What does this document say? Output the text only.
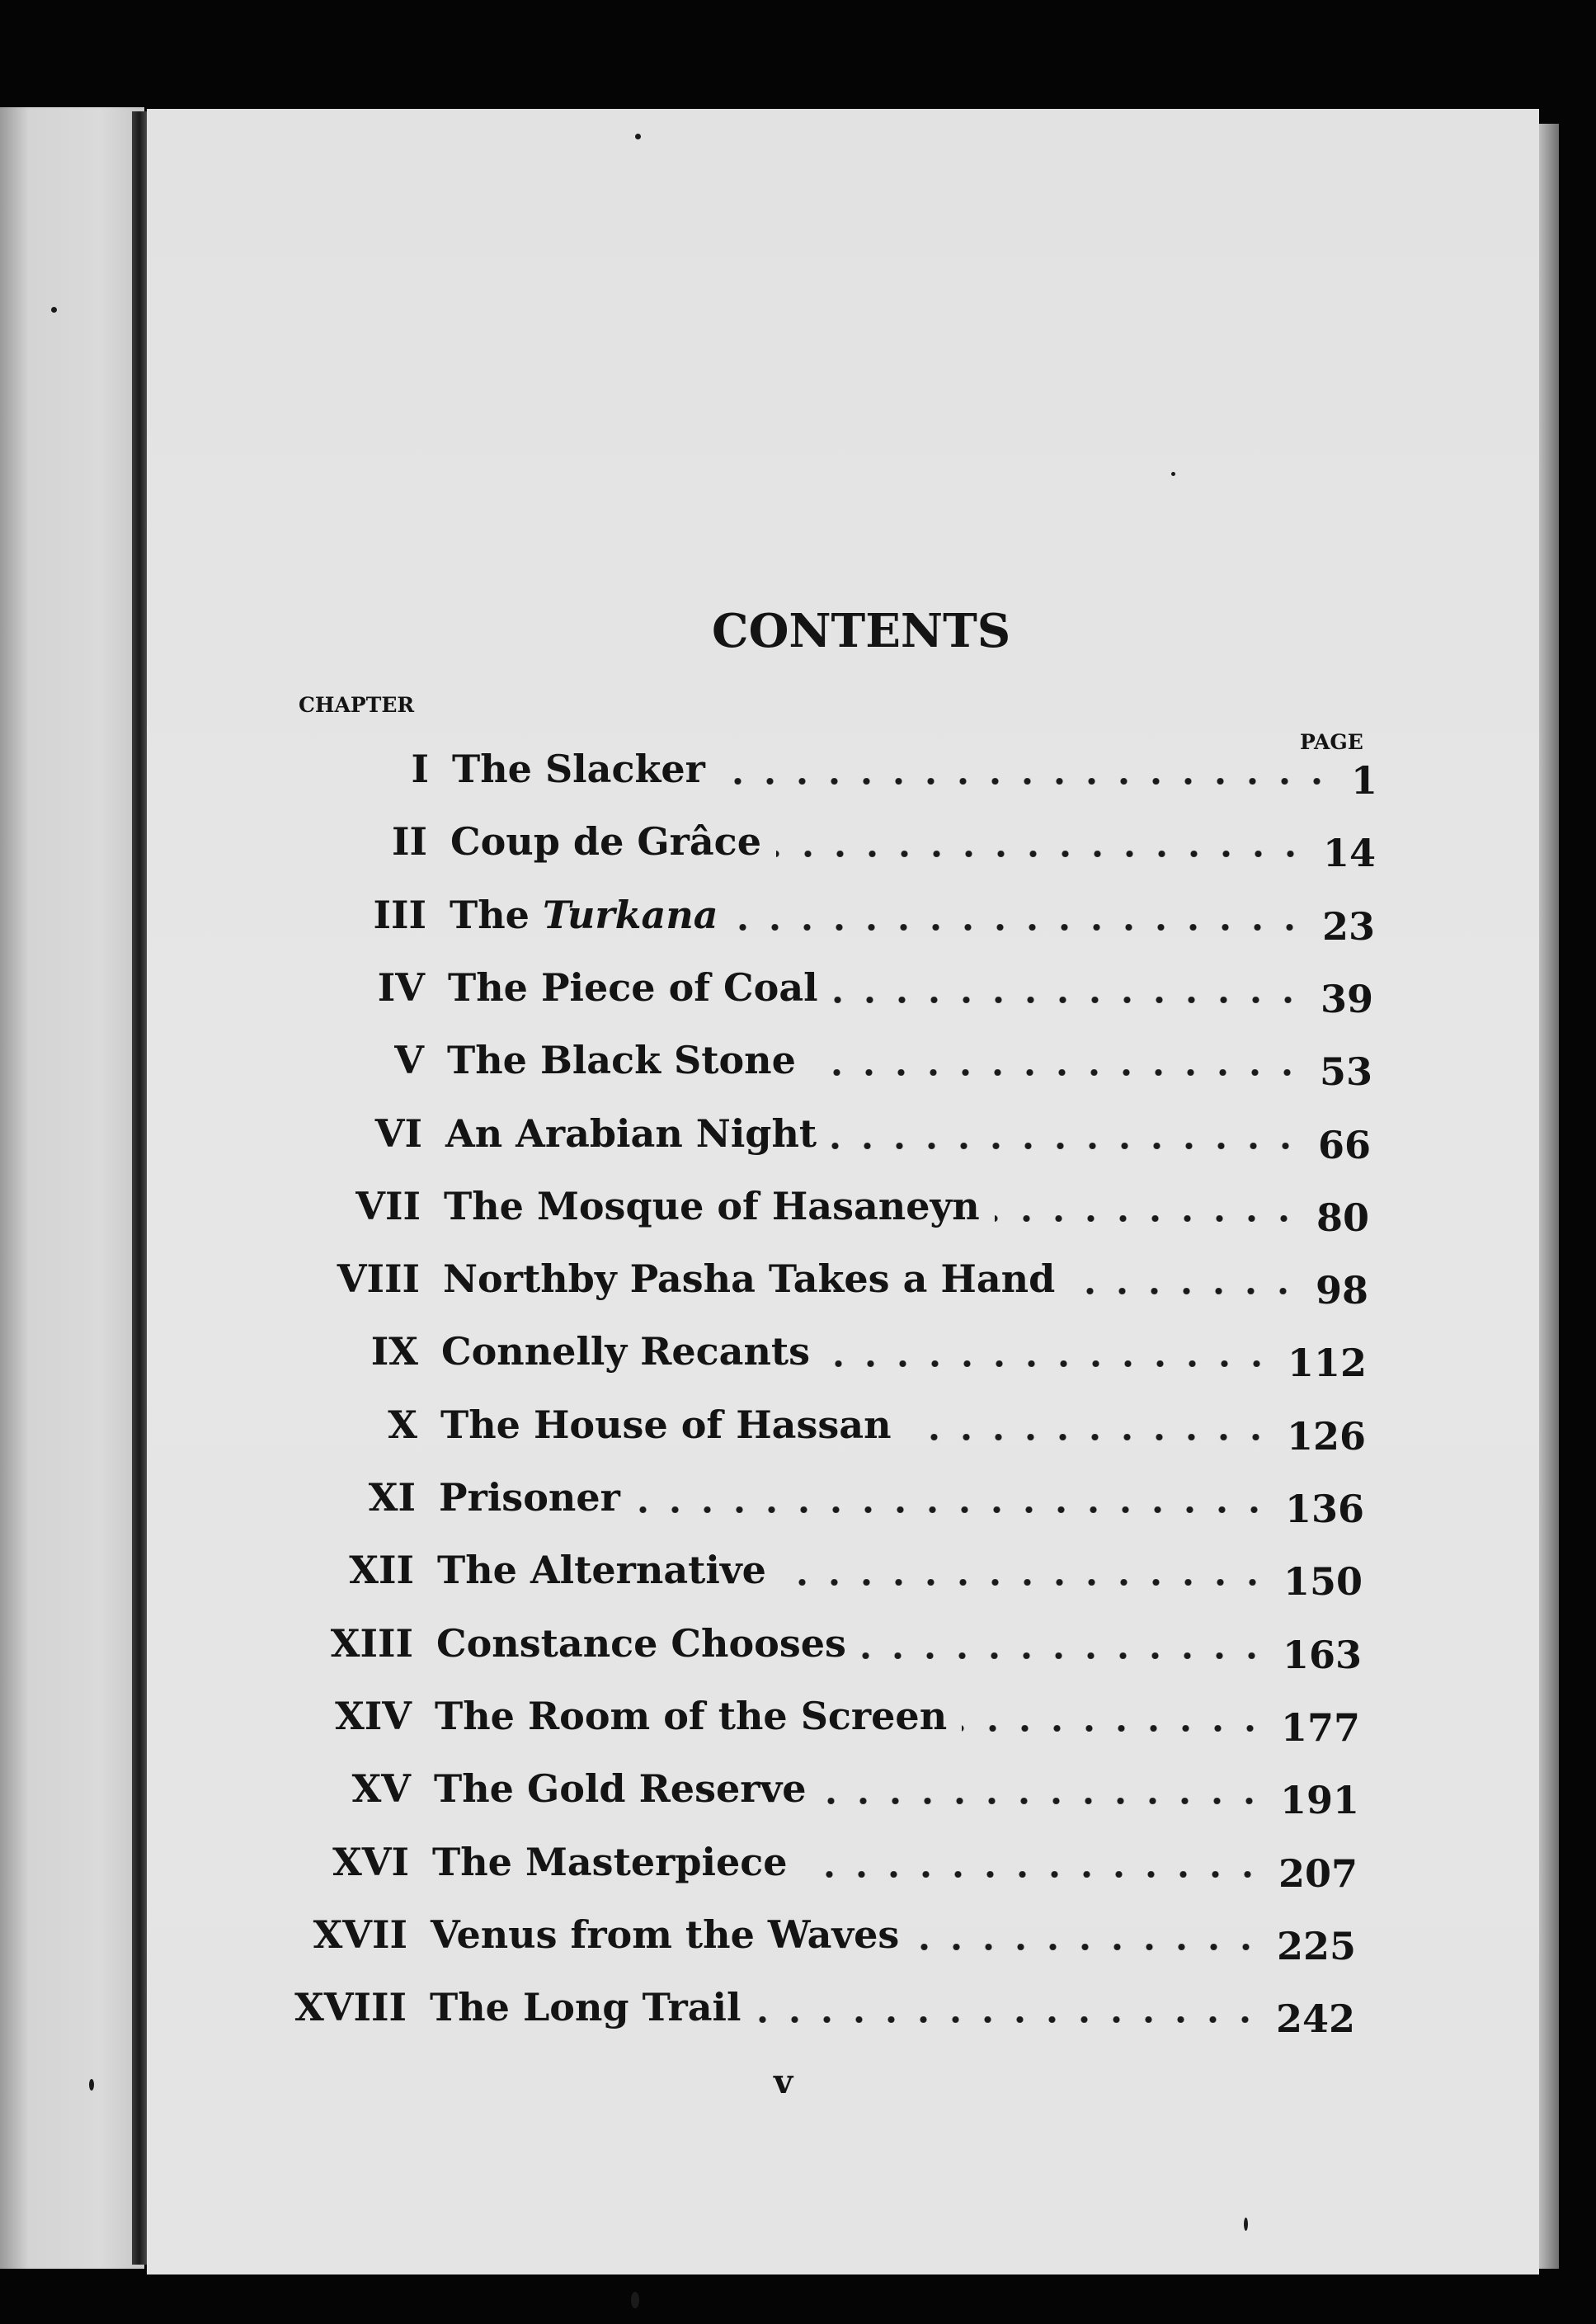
CONTENTS
CHAPTER
PAGE
I The Slacker	1
II Coup de Grâce	14
III The Turkana	23
IV The Piece of Coal	39
V The Black Stone	53
VI An Arabian Night	66
VII The Mosque of Hasaneyn	80
VIII Northby Pasha Takes a Hand	98
IX Connelly Recants	112
X The House of Hassan	126
XI Prisoner	136
XII The Alternative	150
XIII Constance Chooses	163
XIV The Room of the Screen	177
XV The Gold Reserve	191
XVI The Masterpiece	207
XVII Venus from the Waves	225
XVIII The Long Trail	242
v
